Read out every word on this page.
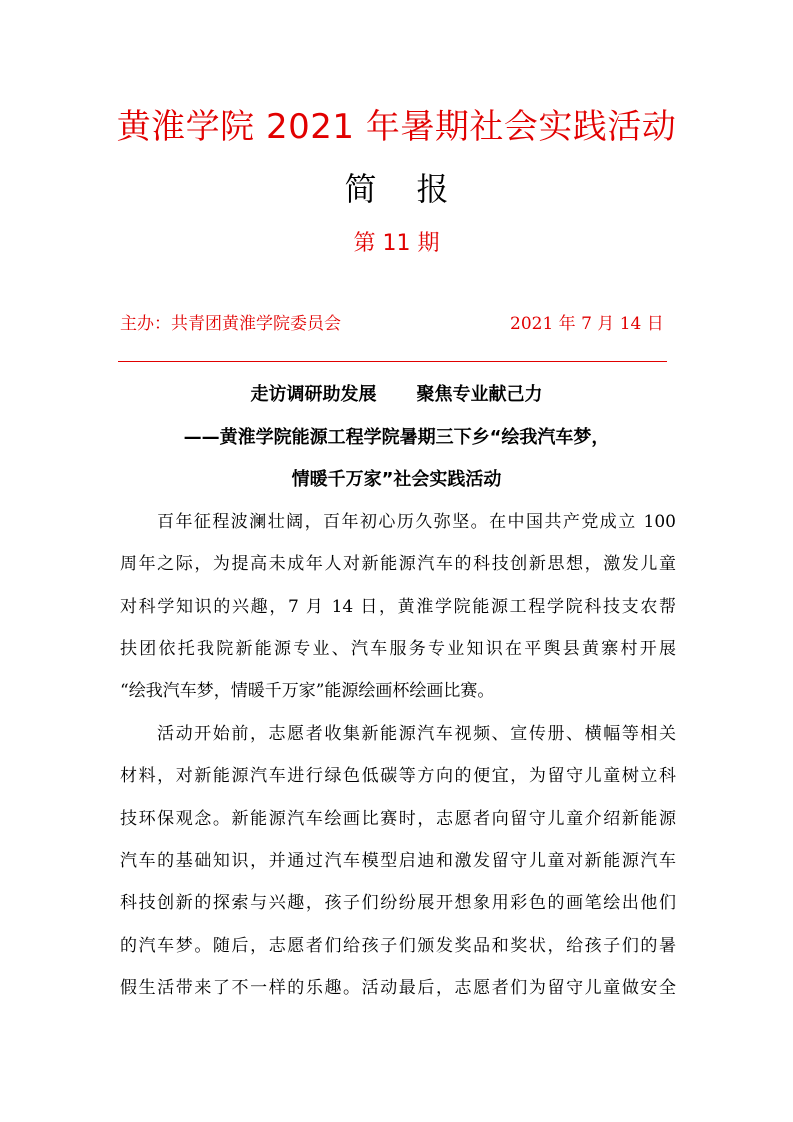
黄淮学院 2021 年暑期社会实践活动
简报
第 11 期
主办：共青团黄淮学院委员会	2021 年 7 月 14 日
走访调研助发展 聚焦专业献己力
——黄淮学院能源工程学院暑期三下乡“绘我汽车梦，
情暖千万家”社会实践活动
百年征程波澜壮阔，百年初心历久弥坚。在中国共产党成立 100
周年之际，为提高未成年人对新能源汽车的科技创新思想，激发儿童
对科学知识的兴趣，7 月 14 日，黄淮学院能源工程学院科技支农帮
扶团依托我院新能源专业、汽车服务专业知识在平舆县黄寨村开展
“绘我汽车梦，情暖千万家”能源绘画杯绘画比赛。
活动开始前，志愿者收集新能源汽车视频、宣传册、横幅等相关
材料，对新能源汽车进行绿色低碳等方向的便宜，为留守儿童树立科
技环保观念。新能源汽车绘画比赛时，志愿者向留守儿童介绍新能源
汽车的基础知识，并通过汽车模型启迪和激发留守儿童对新能源汽车
科技创新的探索与兴趣，孩子们纷纷展开想象用彩色的画笔绘出他们
的汽车梦。随后，志愿者们给孩子们颁发奖品和奖状，给孩子们的暑
假生活带来了不一样的乐趣。活动最后，志愿者们为留守儿童做安全
